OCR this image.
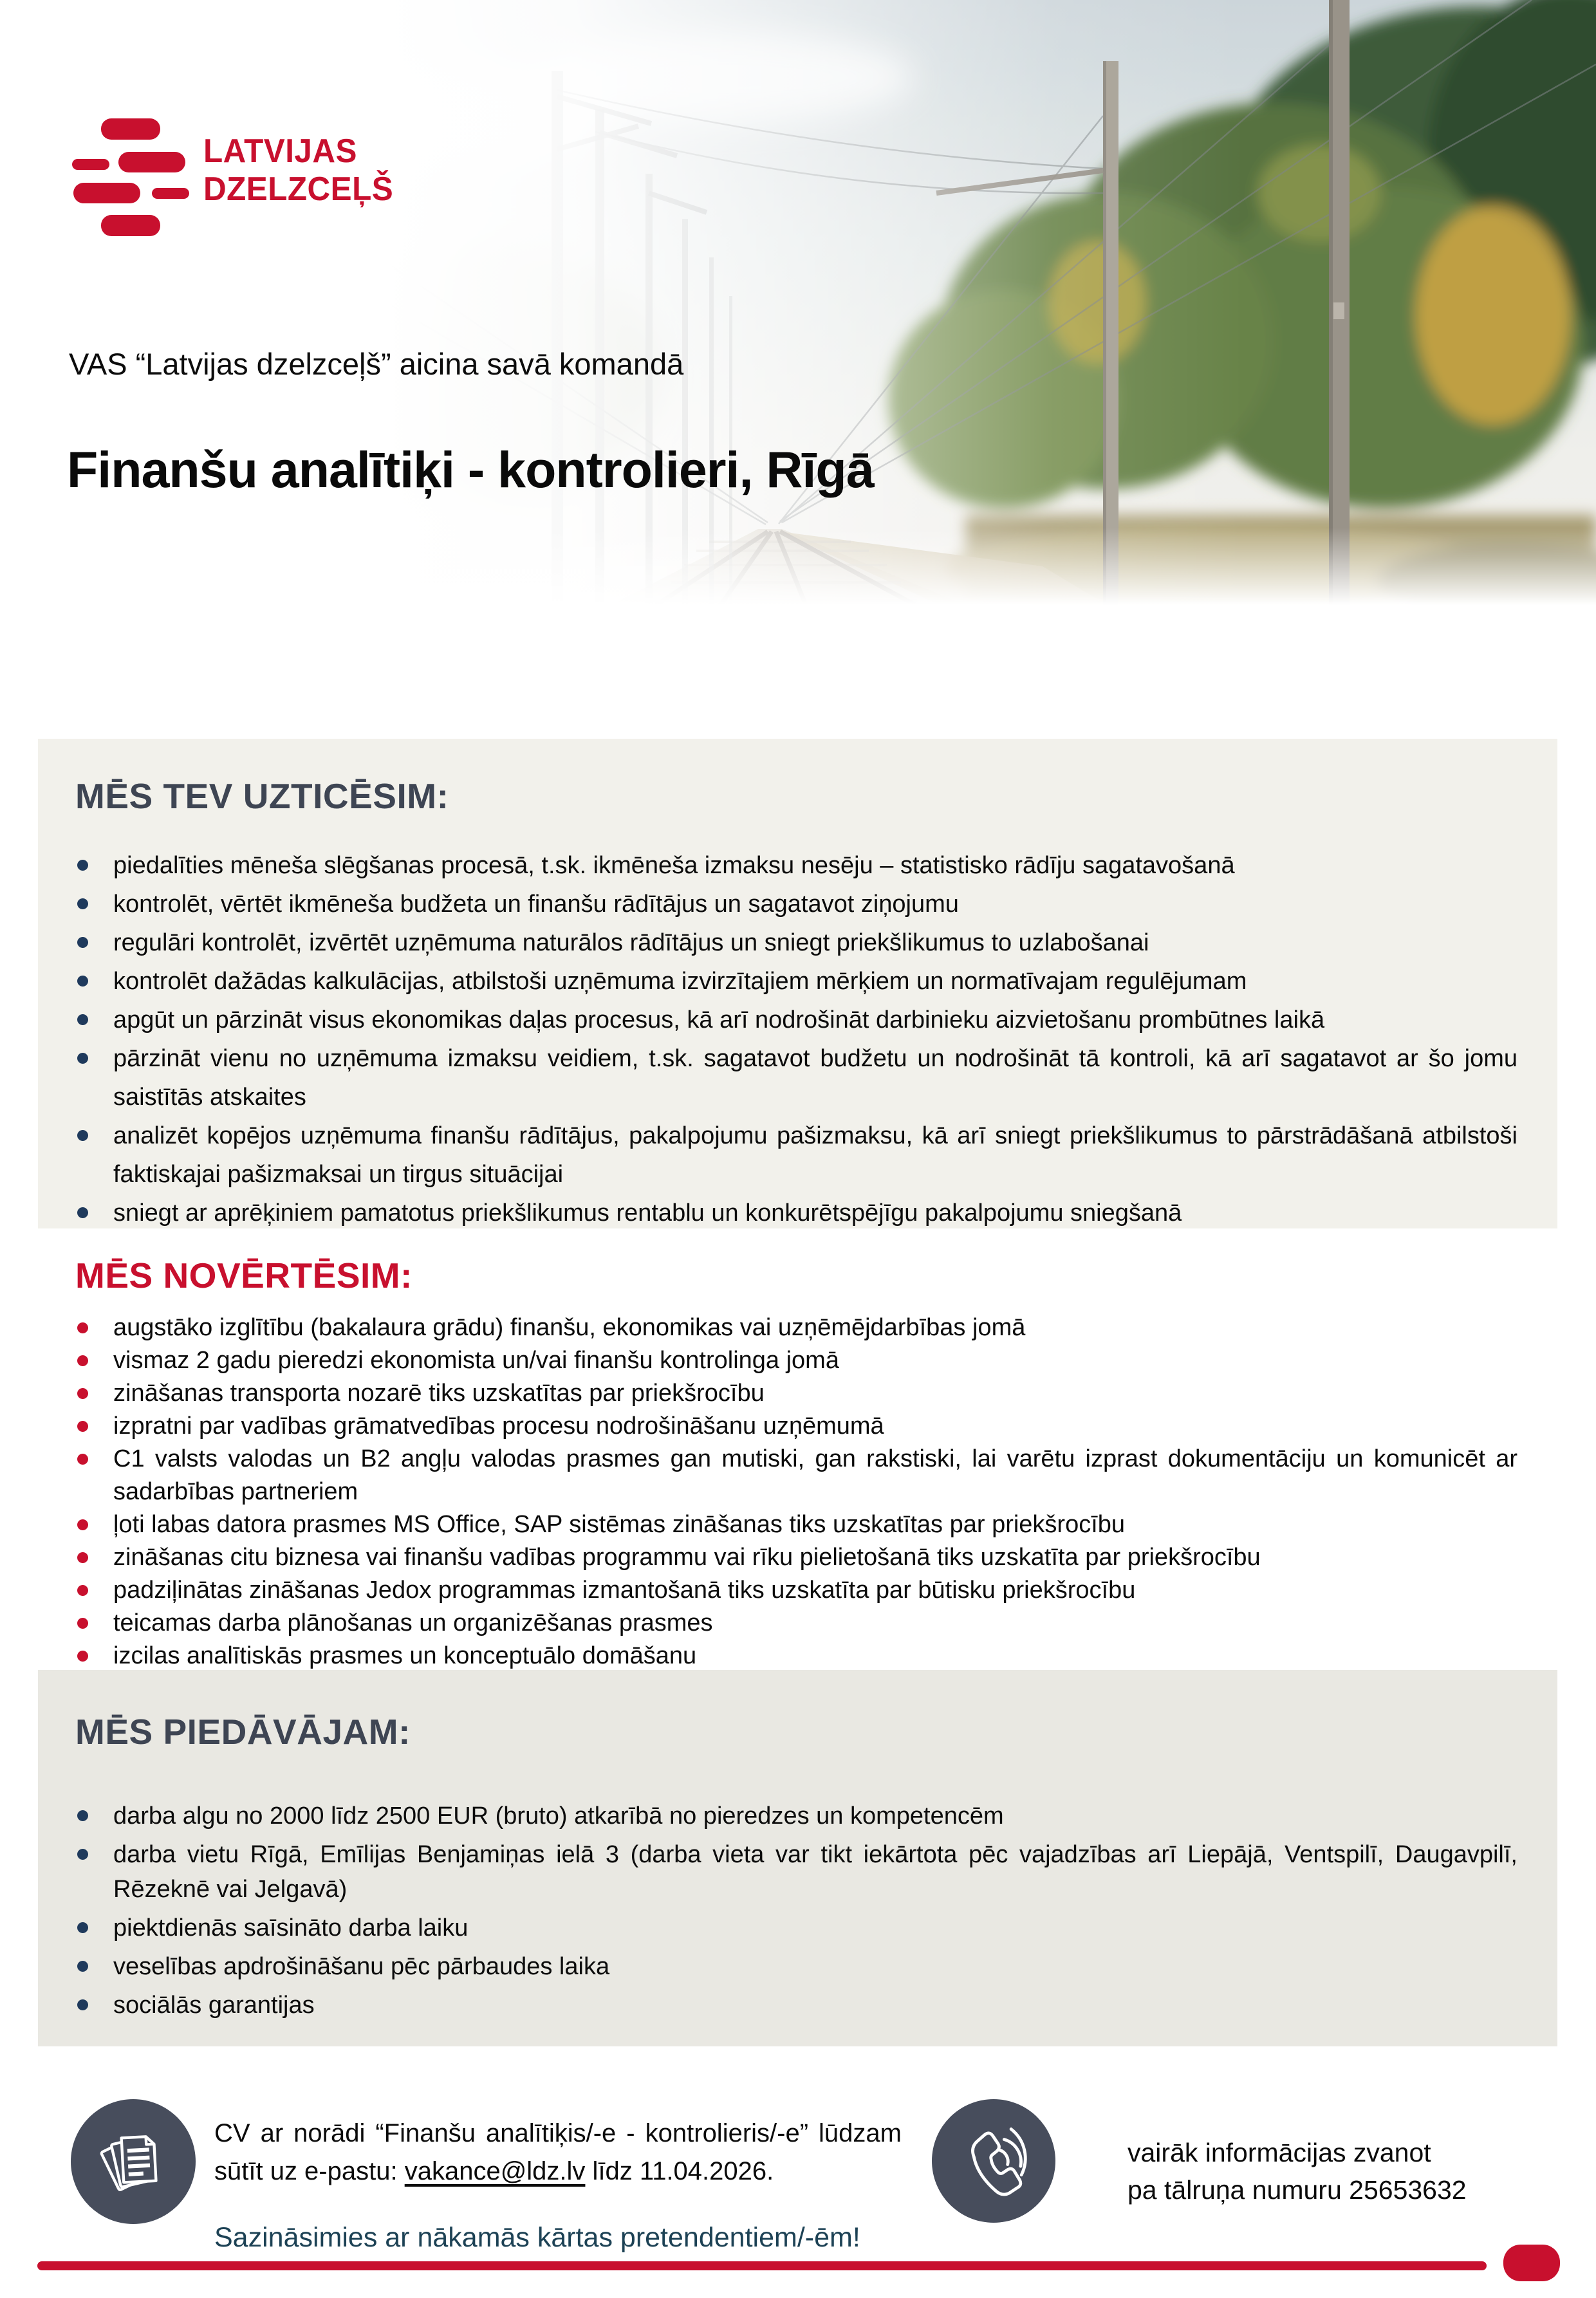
LATVIJAS
DZELZCEĻŠ
VAS “Latvijas dzelzceļš” aicina savā komandā
Finanšu analītiķi - kontrolieri, Rīgā
MĒS TEV UZTICĒSIM:
piedalīties mēneša slēgšanas procesā, t.sk. ikmēneša izmaksu nesēju – statistisko rādīju sagatavošanā
kontrolēt, vērtēt ikmēneša budžeta un finanšu rādītājus un sagatavot ziņojumu
regulāri kontrolēt, izvērtēt uzņēmuma naturālos rādītājus un sniegt priekšlikumus to uzlabošanai
kontrolēt dažādas kalkulācijas, atbilstoši uzņēmuma izvirzītajiem mērķiem un normatīvajam regulējumam
apgūt un pārzināt visus ekonomikas daļas procesus, kā arī nodrošināt darbinieku aizvietošanu prombūtnes laikā
pārzināt vienu no uzņēmuma izmaksu veidiem, t.sk. sagatavot budžetu un nodrošināt tā kontroli, kā arī sagatavot ar šo jomu saistītās atskaites
analizēt kopējos uzņēmuma finanšu rādītājus, pakalpojumu pašizmaksu, kā arī sniegt priekšlikumus to pārstrādāšanā atbilstoši faktiskajai pašizmaksai un tirgus situācijai
sniegt ar aprēķiniem pamatotus priekšlikumus rentablu un konkurētspējīgu pakalpojumu sniegšanā
MĒS NOVĒRTĒSIM:
augstāko izglītību (bakalaura grādu) finanšu, ekonomikas vai uzņēmējdarbības jomā
vismaz 2 gadu pieredzi ekonomista un/vai finanšu kontrolinga jomā
zināšanas transporta nozarē tiks uzskatītas par priekšrocību
izpratni par vadības grāmatvedības procesu nodrošināšanu uzņēmumā
C1 valsts valodas un B2 angļu valodas prasmes gan mutiski, gan rakstiski, lai varētu izprast dokumentāciju un komunicēt ar sadarbības partneriem
ļoti labas datora prasmes MS Office, SAP sistēmas zināšanas tiks uzskatītas par priekšrocību
zināšanas citu biznesa vai finanšu vadības programmu vai rīku pielietošanā tiks uzskatīta par priekšrocību
padziļinātas zināšanas Jedox programmas izmantošanā tiks uzskatīta par būtisku priekšrocību
teicamas darba plānošanas un organizēšanas prasmes
izcilas analītiskās prasmes un konceptuālo domāšanu
MĒS PIEDĀVĀJAM:
darba algu no 2000 līdz 2500 EUR (bruto) atkarībā no pieredzes un kompetencēm
darba vietu Rīgā, Emīlijas Benjamiņas ielā 3 (darba vieta var tikt iekārtota pēc vajadzības arī Liepājā, Ventspilī, Daugavpilī, Rēzeknē vai Jelgavā)
piektdienās saīsināto darba laiku
veselības apdrošināšanu pēc pārbaudes laika
sociālās garantijas

CV ar norādi “Finanšu analītiķis/-e - kontrolieris/-e” lūdzam sūtīt uz e-pastu: vakance@ldz.lv līdz 11.04.2026.

Sazināsimies ar nākamās kārtas pretendentiem/-ēm!
vairāk informācijas zvanot
pa tālruņa numuru 25653632
